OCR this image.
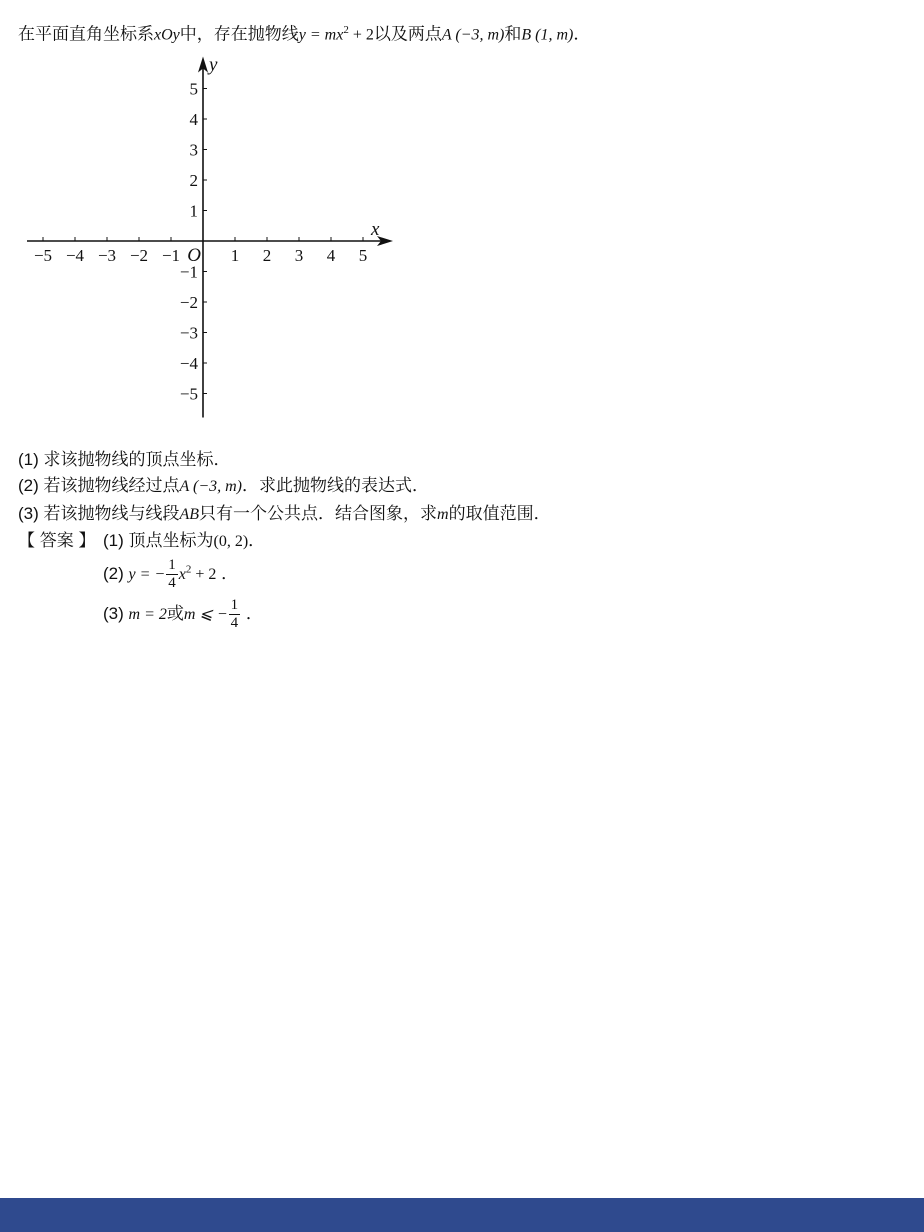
在平面直角坐标系xOy中，存在抛物线$y = mx^2 + 2$以及两点A (−3, m)和B (1, m)．
−5 −4 −3 −2 −1	1 2 3 4 5
5
4
3
2
1
−1
−2
−3
−4
−5
x
y
O
(1) 求该抛物线的顶点坐标．
(2) 若该抛物线经过点A (−3, m)．求此抛物线的表达式．
(3) 若该抛物线与线段AB只有一个公共点．结合图象，求m的取值范围．
【 答案 】 (1) 顶点坐标为(0, 2)．
(2) y = − $\frac{1}{4} x^2 + 2$ ．
(3) m = 2或m ⩽ − $\frac{1}{4}$ ．
